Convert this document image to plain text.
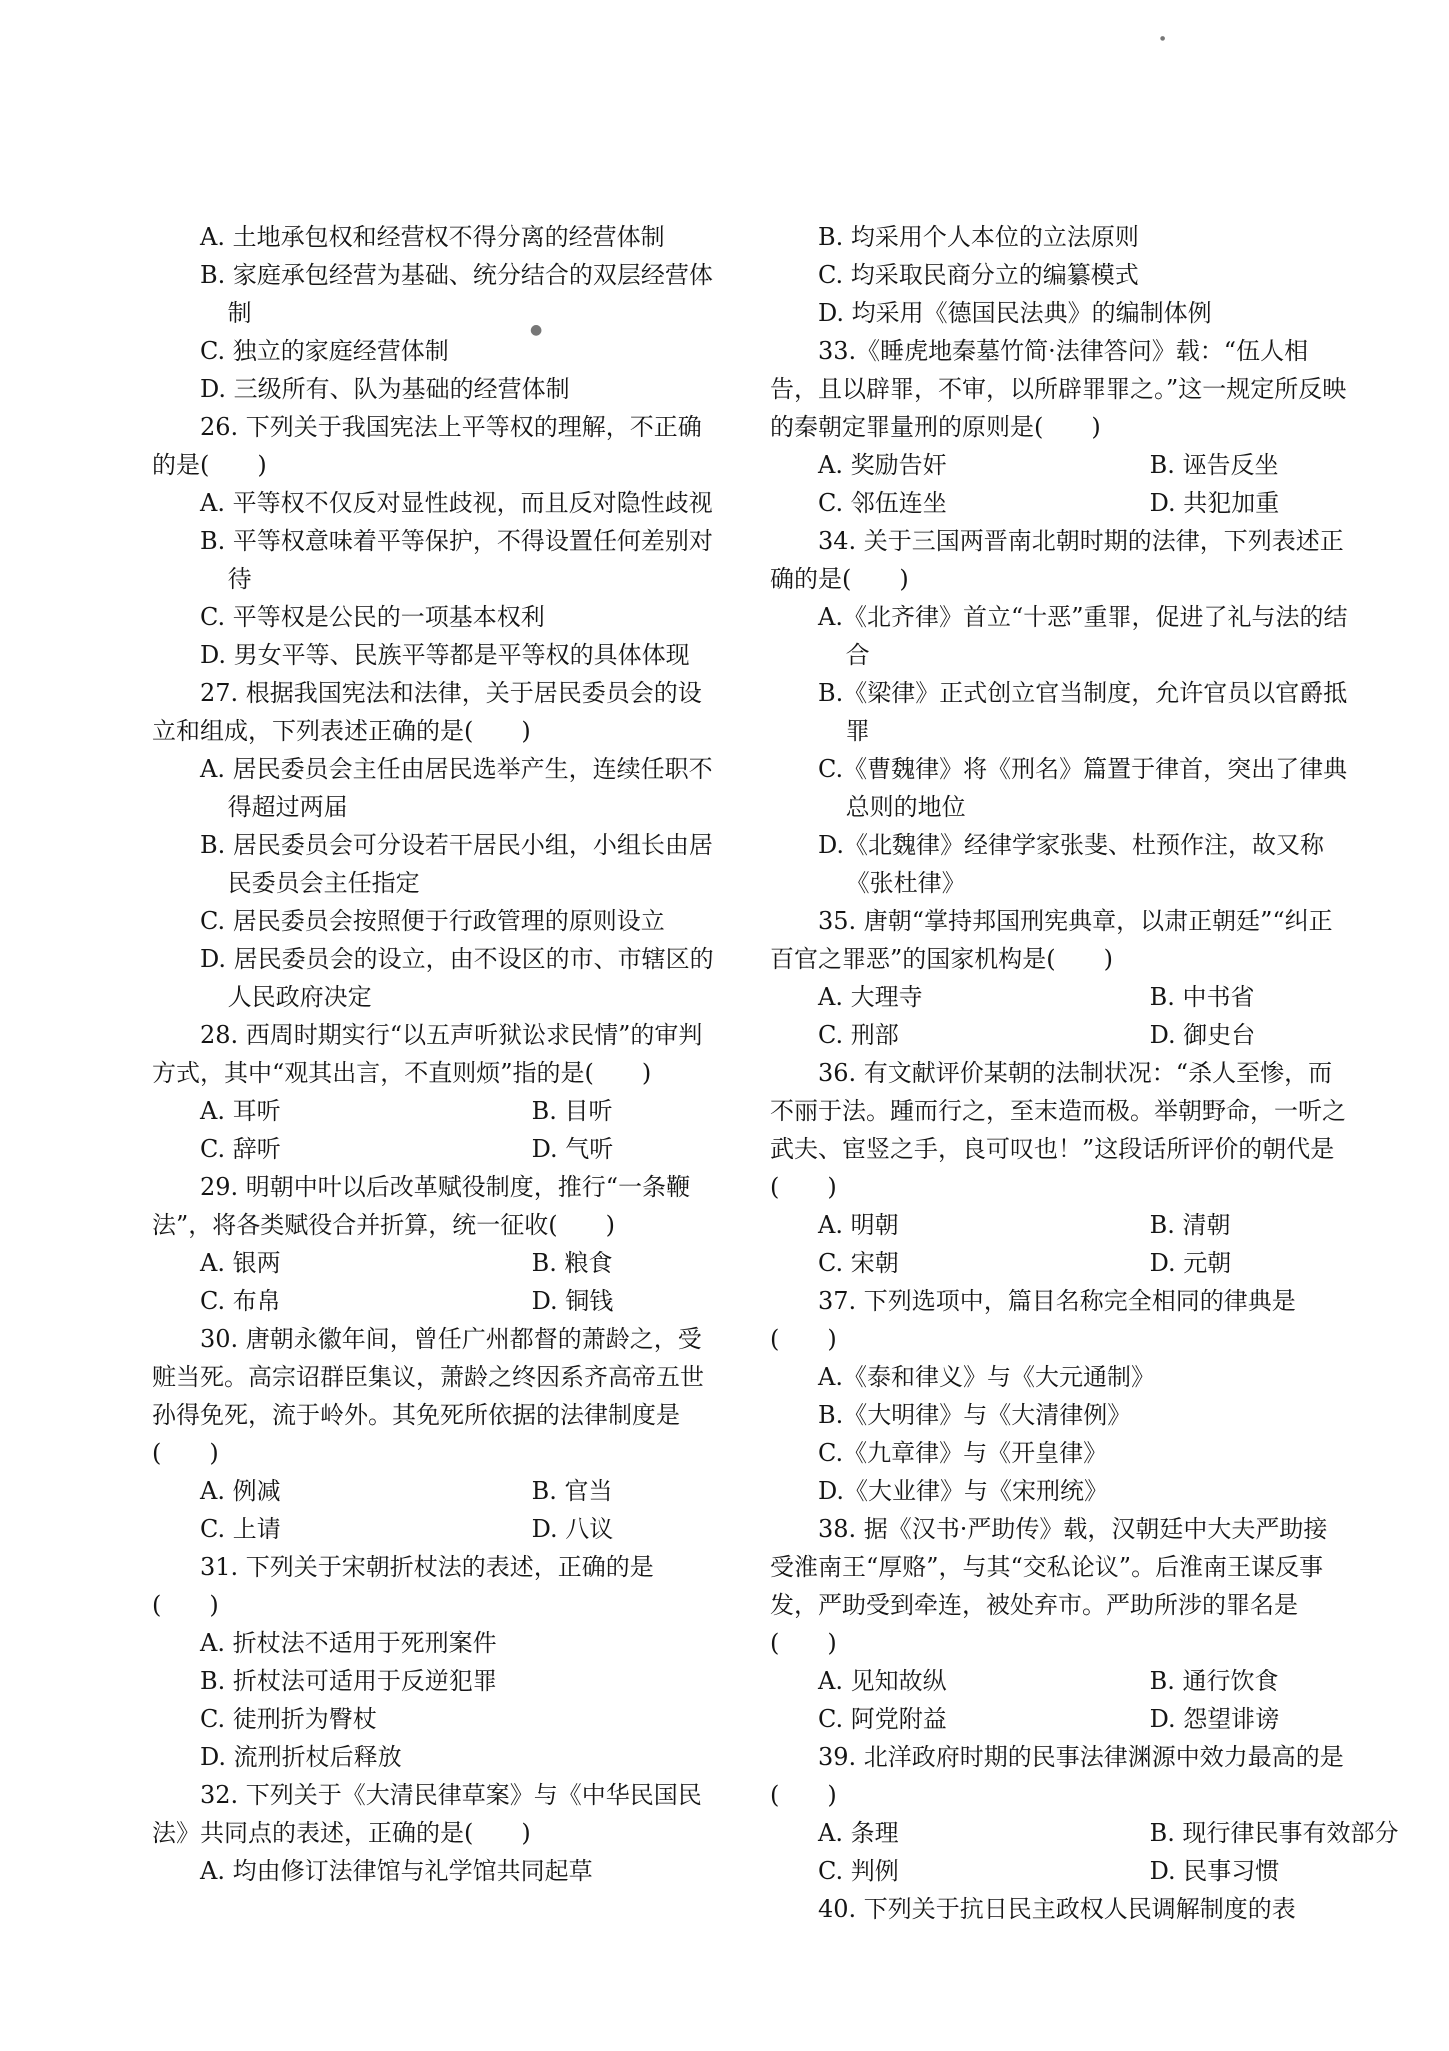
A. 土地承包权和经营权不得分离的经营体制

B. 家庭承包经营为基础、统分结合的双层经营体制

C. 独立的家庭经营体制

D. 三级所有、队为基础的经营体制

26. 下列关于我国宪法上平等权的理解，不正确的是(　　)

A. 平等权不仅反对显性歧视，而且反对隐性歧视

B. 平等权意味着平等保护，不得设置任何差别对待

C. 平等权是公民的一项基本权利

D. 男女平等、民族平等都是平等权的具体体现

27. 根据我国宪法和法律，关于居民委员会的设立和组成，下列表述正确的是(　　)

A. 居民委员会主任由居民选举产生，连续任职不得超过两届

B. 居民委员会可分设若干居民小组，小组长由居民委员会主任指定

C. 居民委员会按照便于行政管理的原则设立

D. 居民委员会的设立，由不设区的市、市辖区的人民政府决定

28. 西周时期实行“以五声听狱讼求民情”的审判方式，其中“观其出言，不直则烦”指的是(　　)

A. 耳听	B. 目听

C. 辞听	D. 气听

29. 明朝中叶以后改革赋役制度，推行“一条鞭法”，将各类赋役合并折算，统一征收(　　)

A. 银两	B. 粮食

C. 布帛	D. 铜钱

30. 唐朝永徽年间，曾任广州都督的萧龄之，受赃当死。高宗诏群臣集议，萧龄之终因系齐高帝五世孙得免死，流于岭外。其免死所依据的法律制度是(　　)

A. 例减	B. 官当

C. 上请	D. 八议

31. 下列关于宋朝折杖法的表述，正确的是(　　)

A. 折杖法不适用于死刑案件

B. 折杖法可适用于反逆犯罪

C. 徒刑折为臀杖

D. 流刑折杖后释放

32. 下列关于《大清民律草案》与《中华民国民法》共同点的表述，正确的是(　　)

A. 均由修订法律馆与礼学馆共同起草

B. 均采用个人本位的立法原则

C. 均采取民商分立的编纂模式

D. 均采用《德国民法典》的编制体例

33.《睡虎地秦墓竹简·法律答问》载：“伍人相告，且以辟罪，不审，以所辟罪罪之。”这一规定所反映的秦朝定罪量刑的原则是(　　)

A. 奖励告奸	B. 诬告反坐

C. 邻伍连坐	D. 共犯加重

34. 关于三国两晋南北朝时期的法律，下列表述正确的是(　　)

A.《北齐律》首立“十恶”重罪，促进了礼与法的结合

B.《梁律》正式创立官当制度，允许官员以官爵抵罪

C.《曹魏律》将《刑名》篇置于律首，突出了律典总则的地位

D.《北魏律》经律学家张斐、杜预作注，故又称《张杜律》

35. 唐朝“掌持邦国刑宪典章，以肃正朝廷”“纠正百官之罪恶”的国家机构是(　　)

A. 大理寺	B. 中书省

C. 刑部	D. 御史台

36. 有文献评价某朝的法制状况：“杀人至惨，而不丽于法。踵而行之，至末造而极。举朝野命，一听之武夫、宦竖之手，良可叹也！”这段话所评价的朝代是(　　)

A. 明朝	B. 清朝

C. 宋朝	D. 元朝

37. 下列选项中，篇目名称完全相同的律典是(　　)

A.《泰和律义》与《大元通制》

B.《大明律》与《大清律例》

C.《九章律》与《开皇律》

D.《大业律》与《宋刑统》

38. 据《汉书·严助传》载，汉朝廷中大夫严助接受淮南王“厚赂”，与其“交私论议”。后淮南王谋反事发，严助受到牵连，被处弃市。严助所涉的罪名是(　　)

A. 见知故纵	B. 通行饮食

C. 阿党附益	D. 怨望诽谤

39. 北洋政府时期的民事法律渊源中效力最高的是(　　)

A. 条理	B. 现行律民事有效部分

C. 判例	D. 民事习惯

40. 下列关于抗日民主政权人民调解制度的表

●
●
